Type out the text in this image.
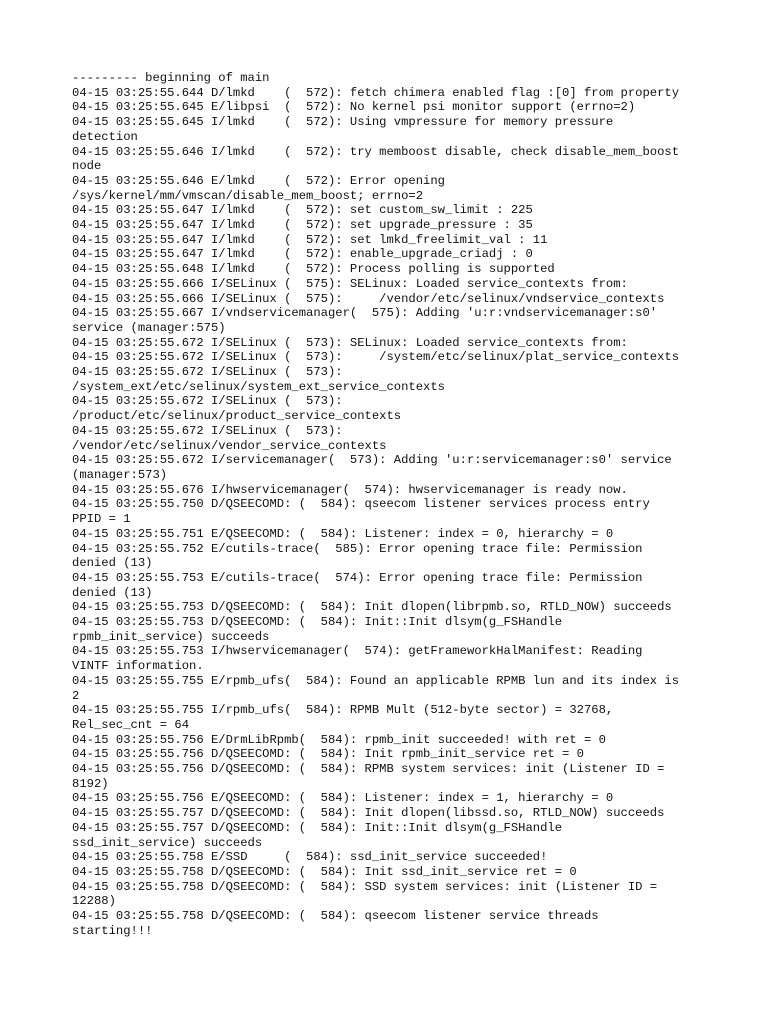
--------- beginning of main
04-15 03:25:55.644 D/lmkd    (  572): fetch chimera enabled flag :[0] from property
04-15 03:25:55.645 E/libpsi  (  572): No kernel psi monitor support (errno=2)
04-15 03:25:55.645 I/lmkd    (  572): Using vmpressure for memory pressure
detection
04-15 03:25:55.646 I/lmkd    (  572): try memboost disable, check disable_mem_boost
node
04-15 03:25:55.646 E/lmkd    (  572): Error opening
/sys/kernel/mm/vmscan/disable_mem_boost; errno=2
04-15 03:25:55.647 I/lmkd    (  572): set custom_sw_limit : 225
04-15 03:25:55.647 I/lmkd    (  572): set upgrade_pressure : 35
04-15 03:25:55.647 I/lmkd    (  572): set lmkd_freelimit_val : 11
04-15 03:25:55.647 I/lmkd    (  572): enable_upgrade_criadj : 0
04-15 03:25:55.648 I/lmkd    (  572): Process polling is supported
04-15 03:25:55.666 I/SELinux (  575): SELinux: Loaded service_contexts from:
04-15 03:25:55.666 I/SELinux (  575):     /vendor/etc/selinux/vndservice_contexts
04-15 03:25:55.667 I/vndservicemanager(  575): Adding 'u:r:vndservicemanager:s0'
service (manager:575)
04-15 03:25:55.672 I/SELinux (  573): SELinux: Loaded service_contexts from:
04-15 03:25:55.672 I/SELinux (  573):     /system/etc/selinux/plat_service_contexts
04-15 03:25:55.672 I/SELinux (  573):
/system_ext/etc/selinux/system_ext_service_contexts
04-15 03:25:55.672 I/SELinux (  573):
/product/etc/selinux/product_service_contexts
04-15 03:25:55.672 I/SELinux (  573):
/vendor/etc/selinux/vendor_service_contexts
04-15 03:25:55.672 I/servicemanager(  573): Adding 'u:r:servicemanager:s0' service
(manager:573)
04-15 03:25:55.676 I/hwservicemanager(  574): hwservicemanager is ready now.
04-15 03:25:55.750 D/QSEECOMD: (  584): qseecom listener services process entry
PPID = 1
04-15 03:25:55.751 E/QSEECOMD: (  584): Listener: index = 0, hierarchy = 0
04-15 03:25:55.752 E/cutils-trace(  585): Error opening trace file: Permission
denied (13)
04-15 03:25:55.753 E/cutils-trace(  574): Error opening trace file: Permission
denied (13)
04-15 03:25:55.753 D/QSEECOMD: (  584): Init dlopen(librpmb.so, RTLD_NOW) succeeds
04-15 03:25:55.753 D/QSEECOMD: (  584): Init::Init dlsym(g_FSHandle
rpmb_init_service) succeeds
04-15 03:25:55.753 I/hwservicemanager(  574): getFrameworkHalManifest: Reading
VINTF information.
04-15 03:25:55.755 E/rpmb_ufs(  584): Found an applicable RPMB lun and its index is
2
04-15 03:25:55.755 I/rpmb_ufs(  584): RPMB Mult (512-byte sector) = 32768,
Rel_sec_cnt = 64
04-15 03:25:55.756 E/DrmLibRpmb(  584): rpmb_init succeeded! with ret = 0
04-15 03:25:55.756 D/QSEECOMD: (  584): Init rpmb_init_service ret = 0
04-15 03:25:55.756 D/QSEECOMD: (  584): RPMB system services: init (Listener ID =
8192)
04-15 03:25:55.756 E/QSEECOMD: (  584): Listener: index = 1, hierarchy = 0
04-15 03:25:55.757 D/QSEECOMD: (  584): Init dlopen(libssd.so, RTLD_NOW) succeeds
04-15 03:25:55.757 D/QSEECOMD: (  584): Init::Init dlsym(g_FSHandle
ssd_init_service) succeeds
04-15 03:25:55.758 E/SSD     (  584): ssd_init_service succeeded!
04-15 03:25:55.758 D/QSEECOMD: (  584): Init ssd_init_service ret = 0
04-15 03:25:55.758 D/QSEECOMD: (  584): SSD system services: init (Listener ID =
12288)
04-15 03:25:55.758 D/QSEECOMD: (  584): qseecom listener service threads
starting!!!
